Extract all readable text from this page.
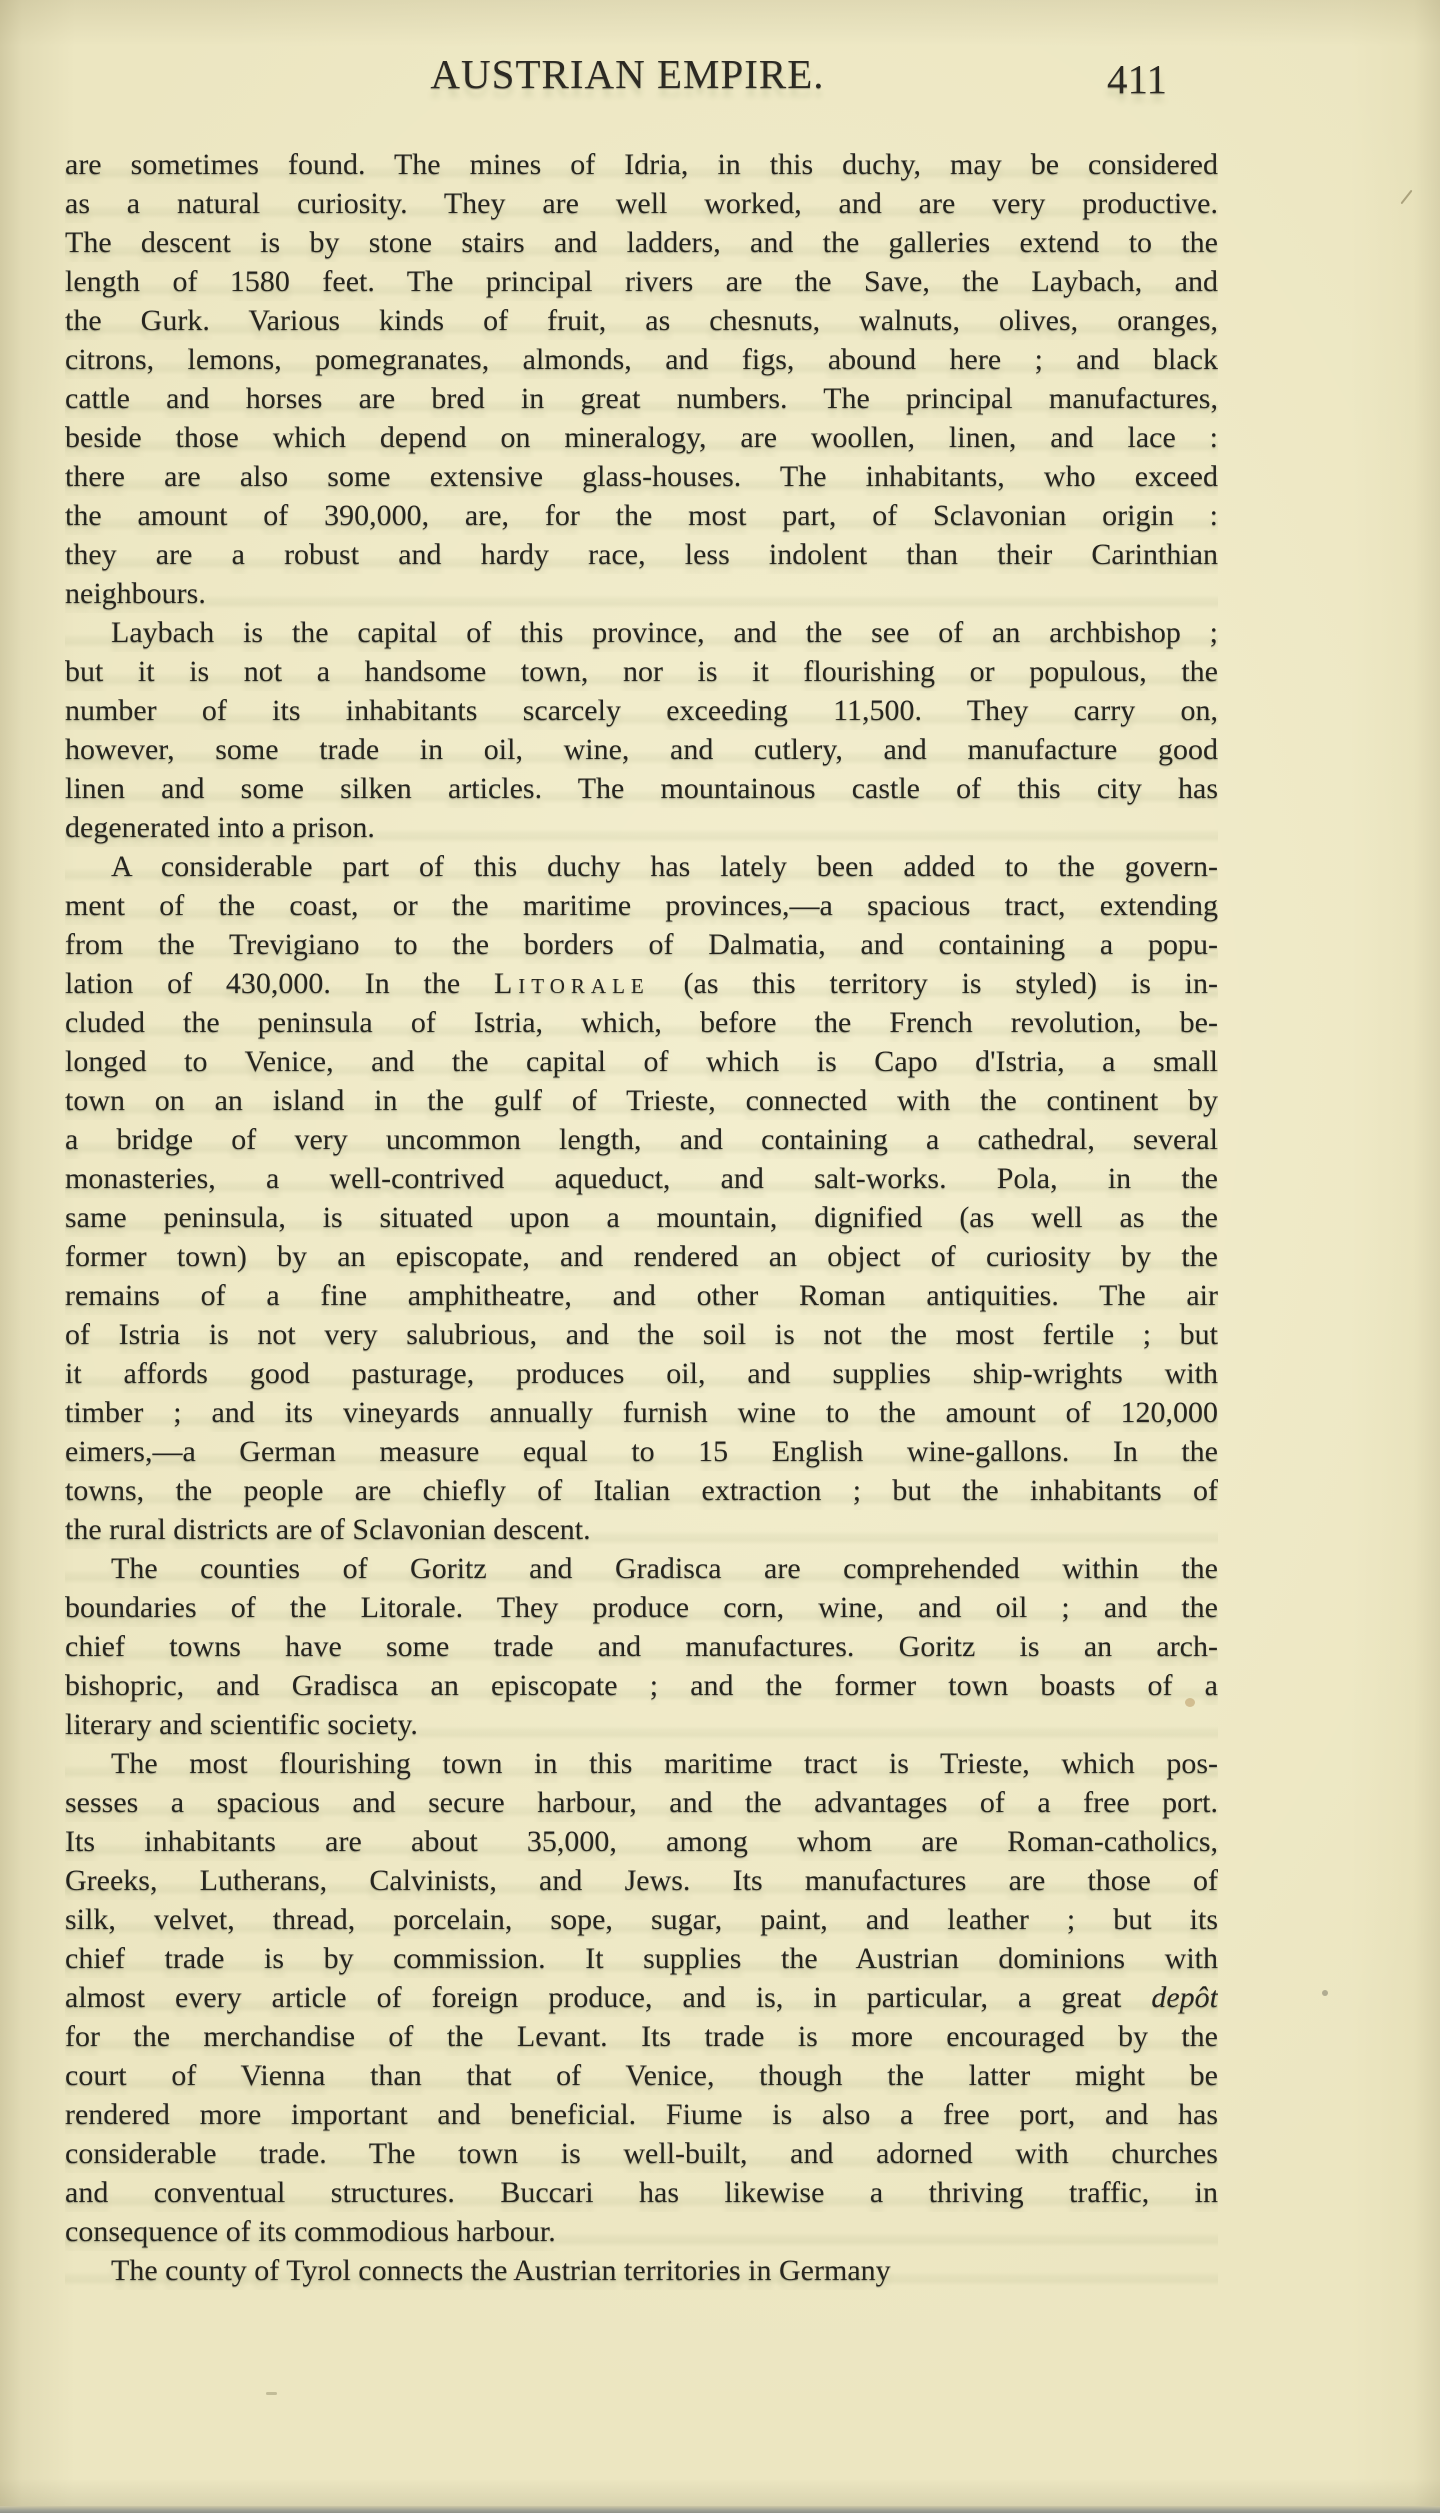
AUSTRIAN EMPIRE.	411
are sometimes found. The mines of Idria, in this duchy, may be considered
as a natural curiosity. They are well worked, and are very productive.
The descent is by stone stairs and ladders, and the galleries extend to the
length of 1580 feet. The principal rivers are the Save, the Laybach, and
the Gurk. Various kinds of fruit, as chesnuts, walnuts, olives, oranges,
citrons, lemons, pomegranates, almonds, and figs, abound here ; and black
cattle and horses are bred in great numbers. The principal manufactures,
beside those which depend on mineralogy, are woollen, linen, and lace :
there are also some extensive glass-houses. The inhabitants, who exceed
the amount of 390,000, are, for the most part, of Sclavonian origin :
they are a robust and hardy race, less indolent than their Carinthian
neighbours.
Laybach is the capital of this province, and the see of an archbishop ;
but it is not a handsome town, nor is it flourishing or populous, the
number of its inhabitants scarcely exceeding 11,500. They carry on,
however, some trade in oil, wine, and cutlery, and manufacture good
linen and some silken articles. The mountainous castle of this city has
degenerated into a prison.
A considerable part of this duchy has lately been added to the govern-
ment of the coast, or the maritime provinces,—a spacious tract, extending
from the Trevigiano to the borders of Dalmatia, and containing a popu-
lation of 430,000. In the Litorale (as this territory is styled) is in-
cluded the peninsula of Istria, which, before the French revolution, be-
longed to Venice, and the capital of which is Capo d'Istria, a small
town on an island in the gulf of Trieste, connected with the continent by
a bridge of very uncommon length, and containing a cathedral, several
monasteries, a well-contrived aqueduct, and salt-works. Pola, in the
same peninsula, is situated upon a mountain, dignified (as well as the
former town) by an episcopate, and rendered an object of curiosity by the
remains of a fine amphitheatre, and other Roman antiquities. The air
of Istria is not very salubrious, and the soil is not the most fertile ; but
it affords good pasturage, produces oil, and supplies ship-wrights with
timber ; and its vineyards annually furnish wine to the amount of 120,000
eimers,—a German measure equal to 15 English wine-gallons. In the
towns, the people are chiefly of Italian extraction ; but the inhabitants of
the rural districts are of Sclavonian descent.
The counties of Goritz and Gradisca are comprehended within the
boundaries of the Litorale. They produce corn, wine, and oil ; and the
chief towns have some trade and manufactures. Goritz is an arch-
bishopric, and Gradisca an episcopate ; and the former town boasts of a
literary and scientific society.
The most flourishing town in this maritime tract is Trieste, which pos-
sesses a spacious and secure harbour, and the advantages of a free port.
Its inhabitants are about 35,000, among whom are Roman-catholics,
Greeks, Lutherans, Calvinists, and Jews. Its manufactures are those of
silk, velvet, thread, porcelain, sope, sugar, paint, and leather ; but its
chief trade is by commission. It supplies the Austrian dominions with
almost every article of foreign produce, and is, in particular, a great depôt
for the merchandise of the Levant. Its trade is more encouraged by the
court of Vienna than that of Venice, though the latter might be
rendered more important and beneficial. Fiume is also a free port, and has
considerable trade. The town is well-built, and adorned with churches
and conventual structures. Buccari has likewise a thriving traffic, in
consequence of its commodious harbour.
The county of Tyrol connects the Austrian territories in Germany
